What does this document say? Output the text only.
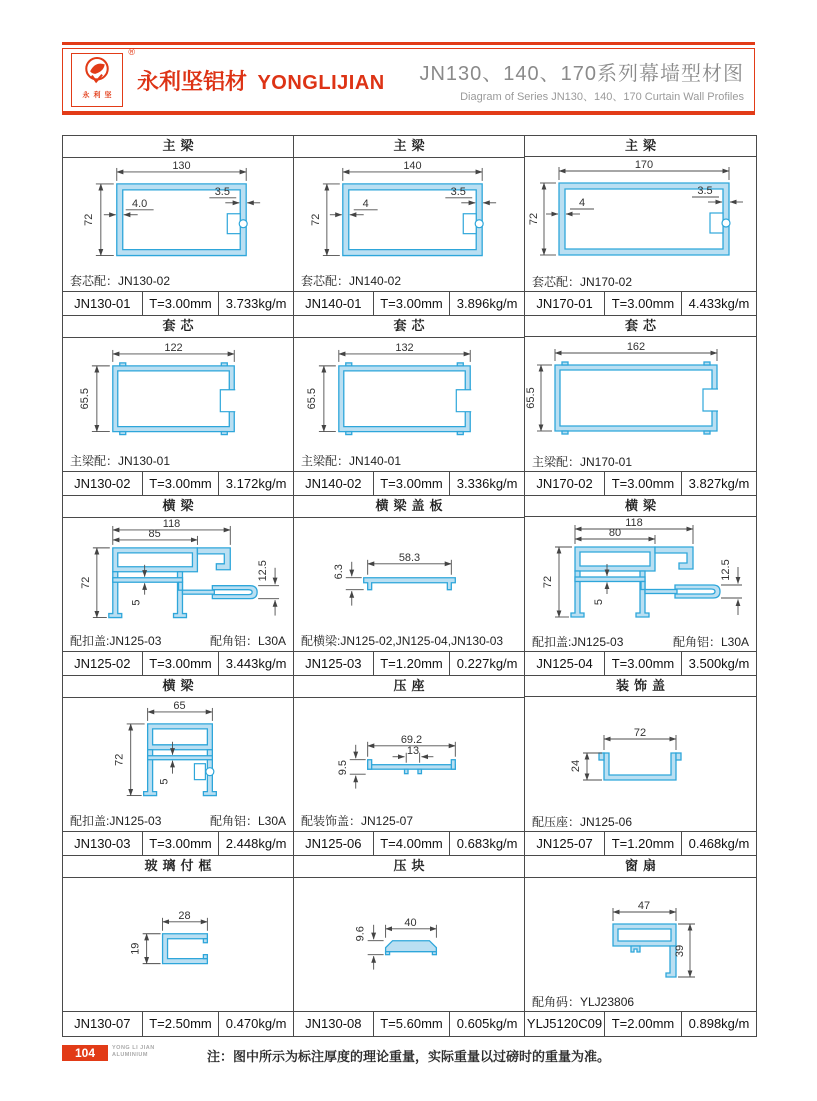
永利坚
®
永利坚铝材 YONGLIJIAN JN130、140、170系列幕墙型材图
Diagram of Series JN130、140、170 Curtain Wall Profiles
主梁
130
72
4.0
3.5
套芯配：JN130-02
JN130-01	T=3.00mm	3.733kg/m
主梁
140
72
4
3.5
套芯配：JN140-02
JN140-01	T=3.00mm	3.896kg/m
主梁
170
72
4
3.5
套芯配：JN170-02
JN170-01	T=3.00mm	4.433kg/m
套芯
122
65.5
主梁配：JN130-01
JN130-02	T=3.00mm	3.172kg/m
套芯
132
65.5
主梁配：JN140-01
JN140-02	T=3.00mm	3.336kg/m
套芯
162
65.5
主梁配：JN170-01
JN170-02	T=3.00mm	3.827kg/m
横梁
118
85
72
5
12.5
配扣盖:JN125-03	配角铝：L30A
JN125-02	T=3.00mm	3.443kg/m
横梁盖板
58.3
6.3
配横梁:JN125-02,JN125-04,JN130-03
JN125-03	T=1.20mm	0.227kg/m
横梁
118
80
72
5
12.5
配扣盖:JN125-03	配角铝：L30A
JN125-04	T=3.00mm	3.500kg/m
横梁
65
72
5
配扣盖:JN125-03	配角铝：L30A
JN130-03	T=3.00mm	2.448kg/m
压座
69.2
13
9.5
配装饰盖：JN125-07
JN125-06	T=4.00mm	0.683kg/m
装饰盖
72
24
配压座：JN125-06
JN125-07	T=1.20mm	0.468kg/m
玻璃付框
28
19
JN130-07	T=2.50mm	0.470kg/m
压块
40
9.6
JN130-08	T=5.60mm	0.605kg/m
窗扇
47
39
配角码：YLJ23806
YLJ5120C09 T=2.00mm	0.898kg/m
104	YONG LI JIAN
ALUMINIUM	注：图中所示为标注厚度的理论重量，实际重量以过磅时的重量为准。
